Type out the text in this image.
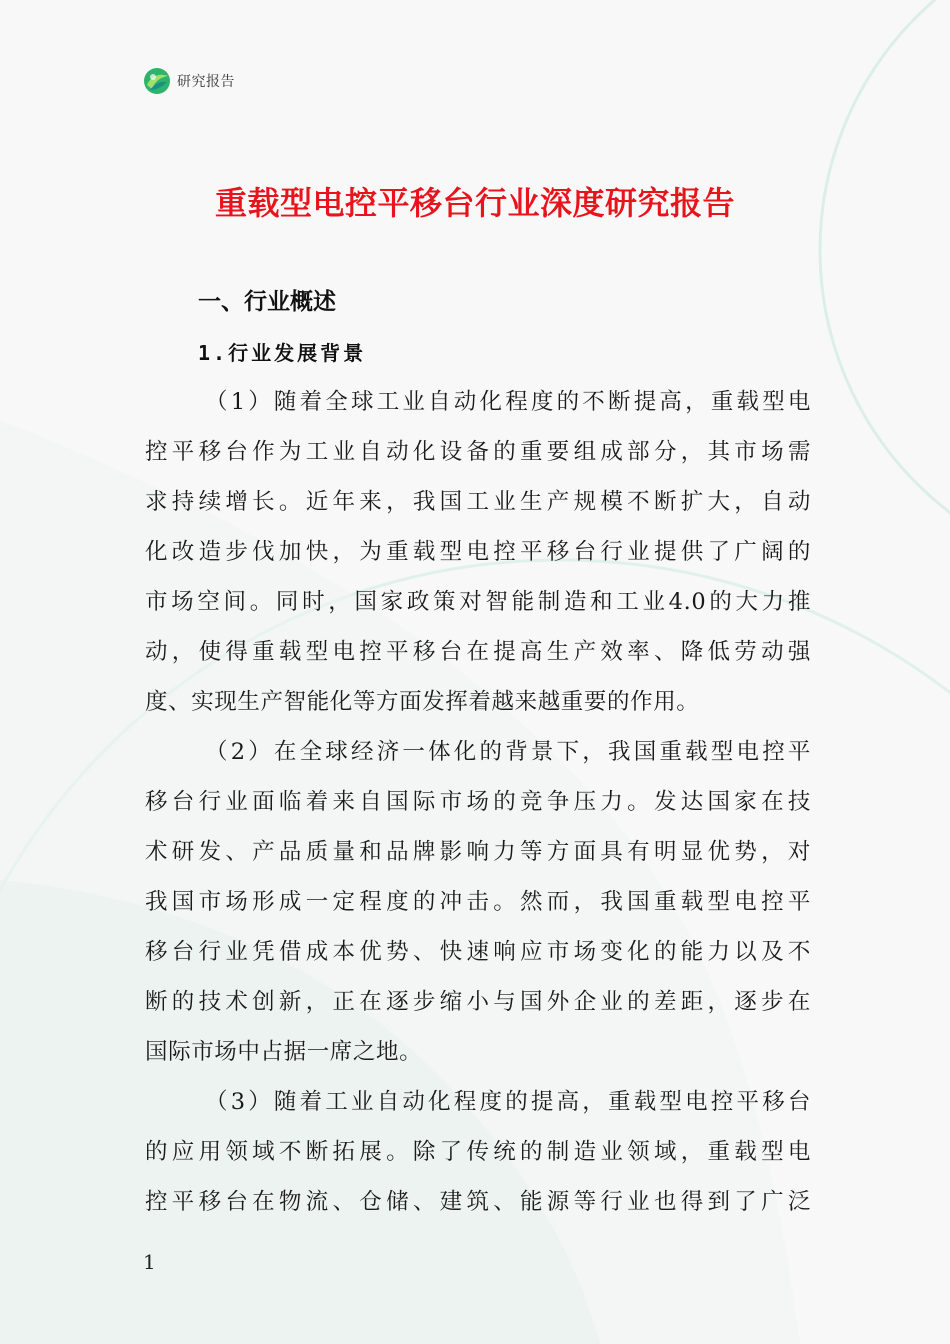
研究报告
重载型电控平移台行业深度研究报告
一、行业概述
1.行业发展背景

（1）随着全球工业自动化程度的不断提高，重载型电
控平移台作为工业自动化设备的重要组成部分，其市场需
求持续增长。近年来，我国工业生产规模不断扩大，自动
化改造步伐加快，为重载型电控平移台行业提供了广阔的
市场空间。同时，国家政策对智能制造和工业4.0的大力推
动，使得重载型电控平移台在提高生产效率、降低劳动强
度、实现生产智能化等方面发挥着越来越重要的作用。

（2）在全球经济一体化的背景下，我国重载型电控平
移台行业面临着来自国际市场的竞争压力。发达国家在技
术研发、产品质量和品牌影响力等方面具有明显优势，对
我国市场形成一定程度的冲击。然而，我国重载型电控平
移台行业凭借成本优势、快速响应市场变化的能力以及不
断的技术创新，正在逐步缩小与国外企业的差距，逐步在
国际市场中占据一席之地。

（3）随着工业自动化程度的提高，重载型电控平移台
的应用领域不断拓展。除了传统的制造业领域，重载型电
控平移台在物流、仓储、建筑、能源等行业也得到了广泛

1
